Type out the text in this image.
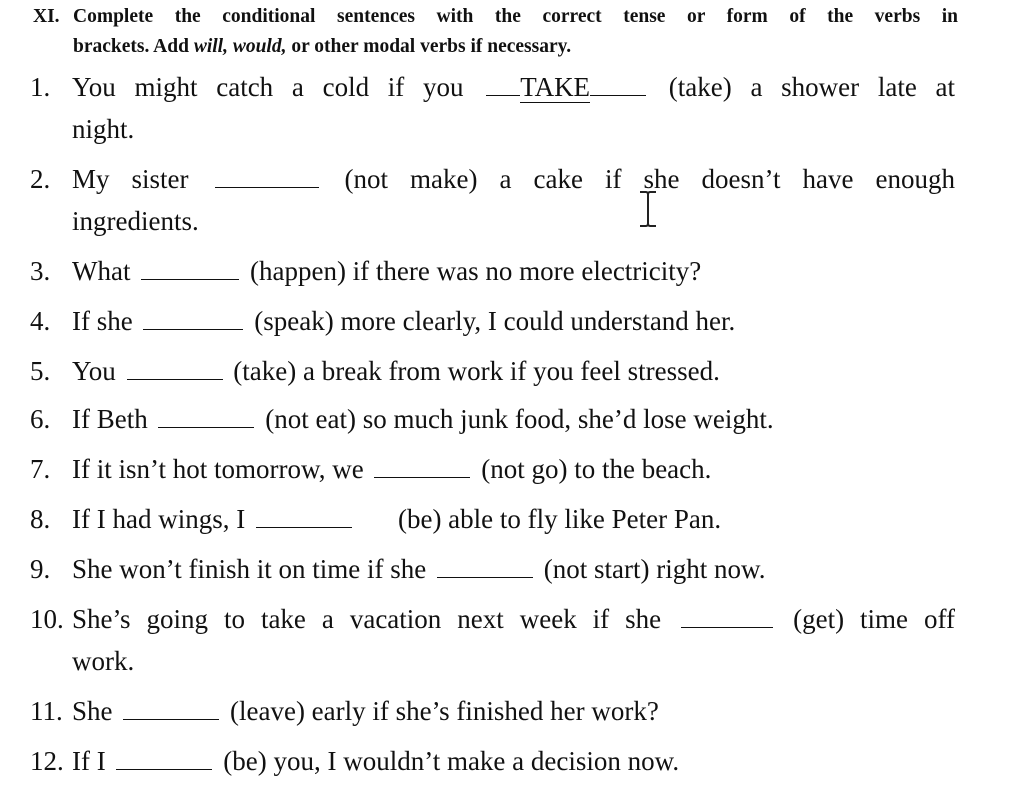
XI. Complete the conditional sentences with the correct tense or form of the verbs in
brackets. Add will, would, or other modal verbs if necessary.
1. You might catch a cold if you TAKE (take) a shower late at
night.
2. My sister	(not make) a cake if she doesn’t have enough
ingredients.
3. What	(happen) if there was no more electricity?
4. If she	(speak) more clearly, I could understand her.
5. You	(take) a break from work if you feel stressed.
6. If Beth	(not eat) so much junk food, she’d lose weight.
7. If it isn’t hot tomorrow, we	(not go) to the beach.
8. If I had wings, I	(be) able to fly like Peter Pan.
9. She won’t finish it on time if she	(not start) right now.
10. She’s going to take a vacation next week if she	(get) time off
work.
11. She	(leave) early if she’s finished her work?
12. If I	(be) you, I wouldn’t make a decision now.
